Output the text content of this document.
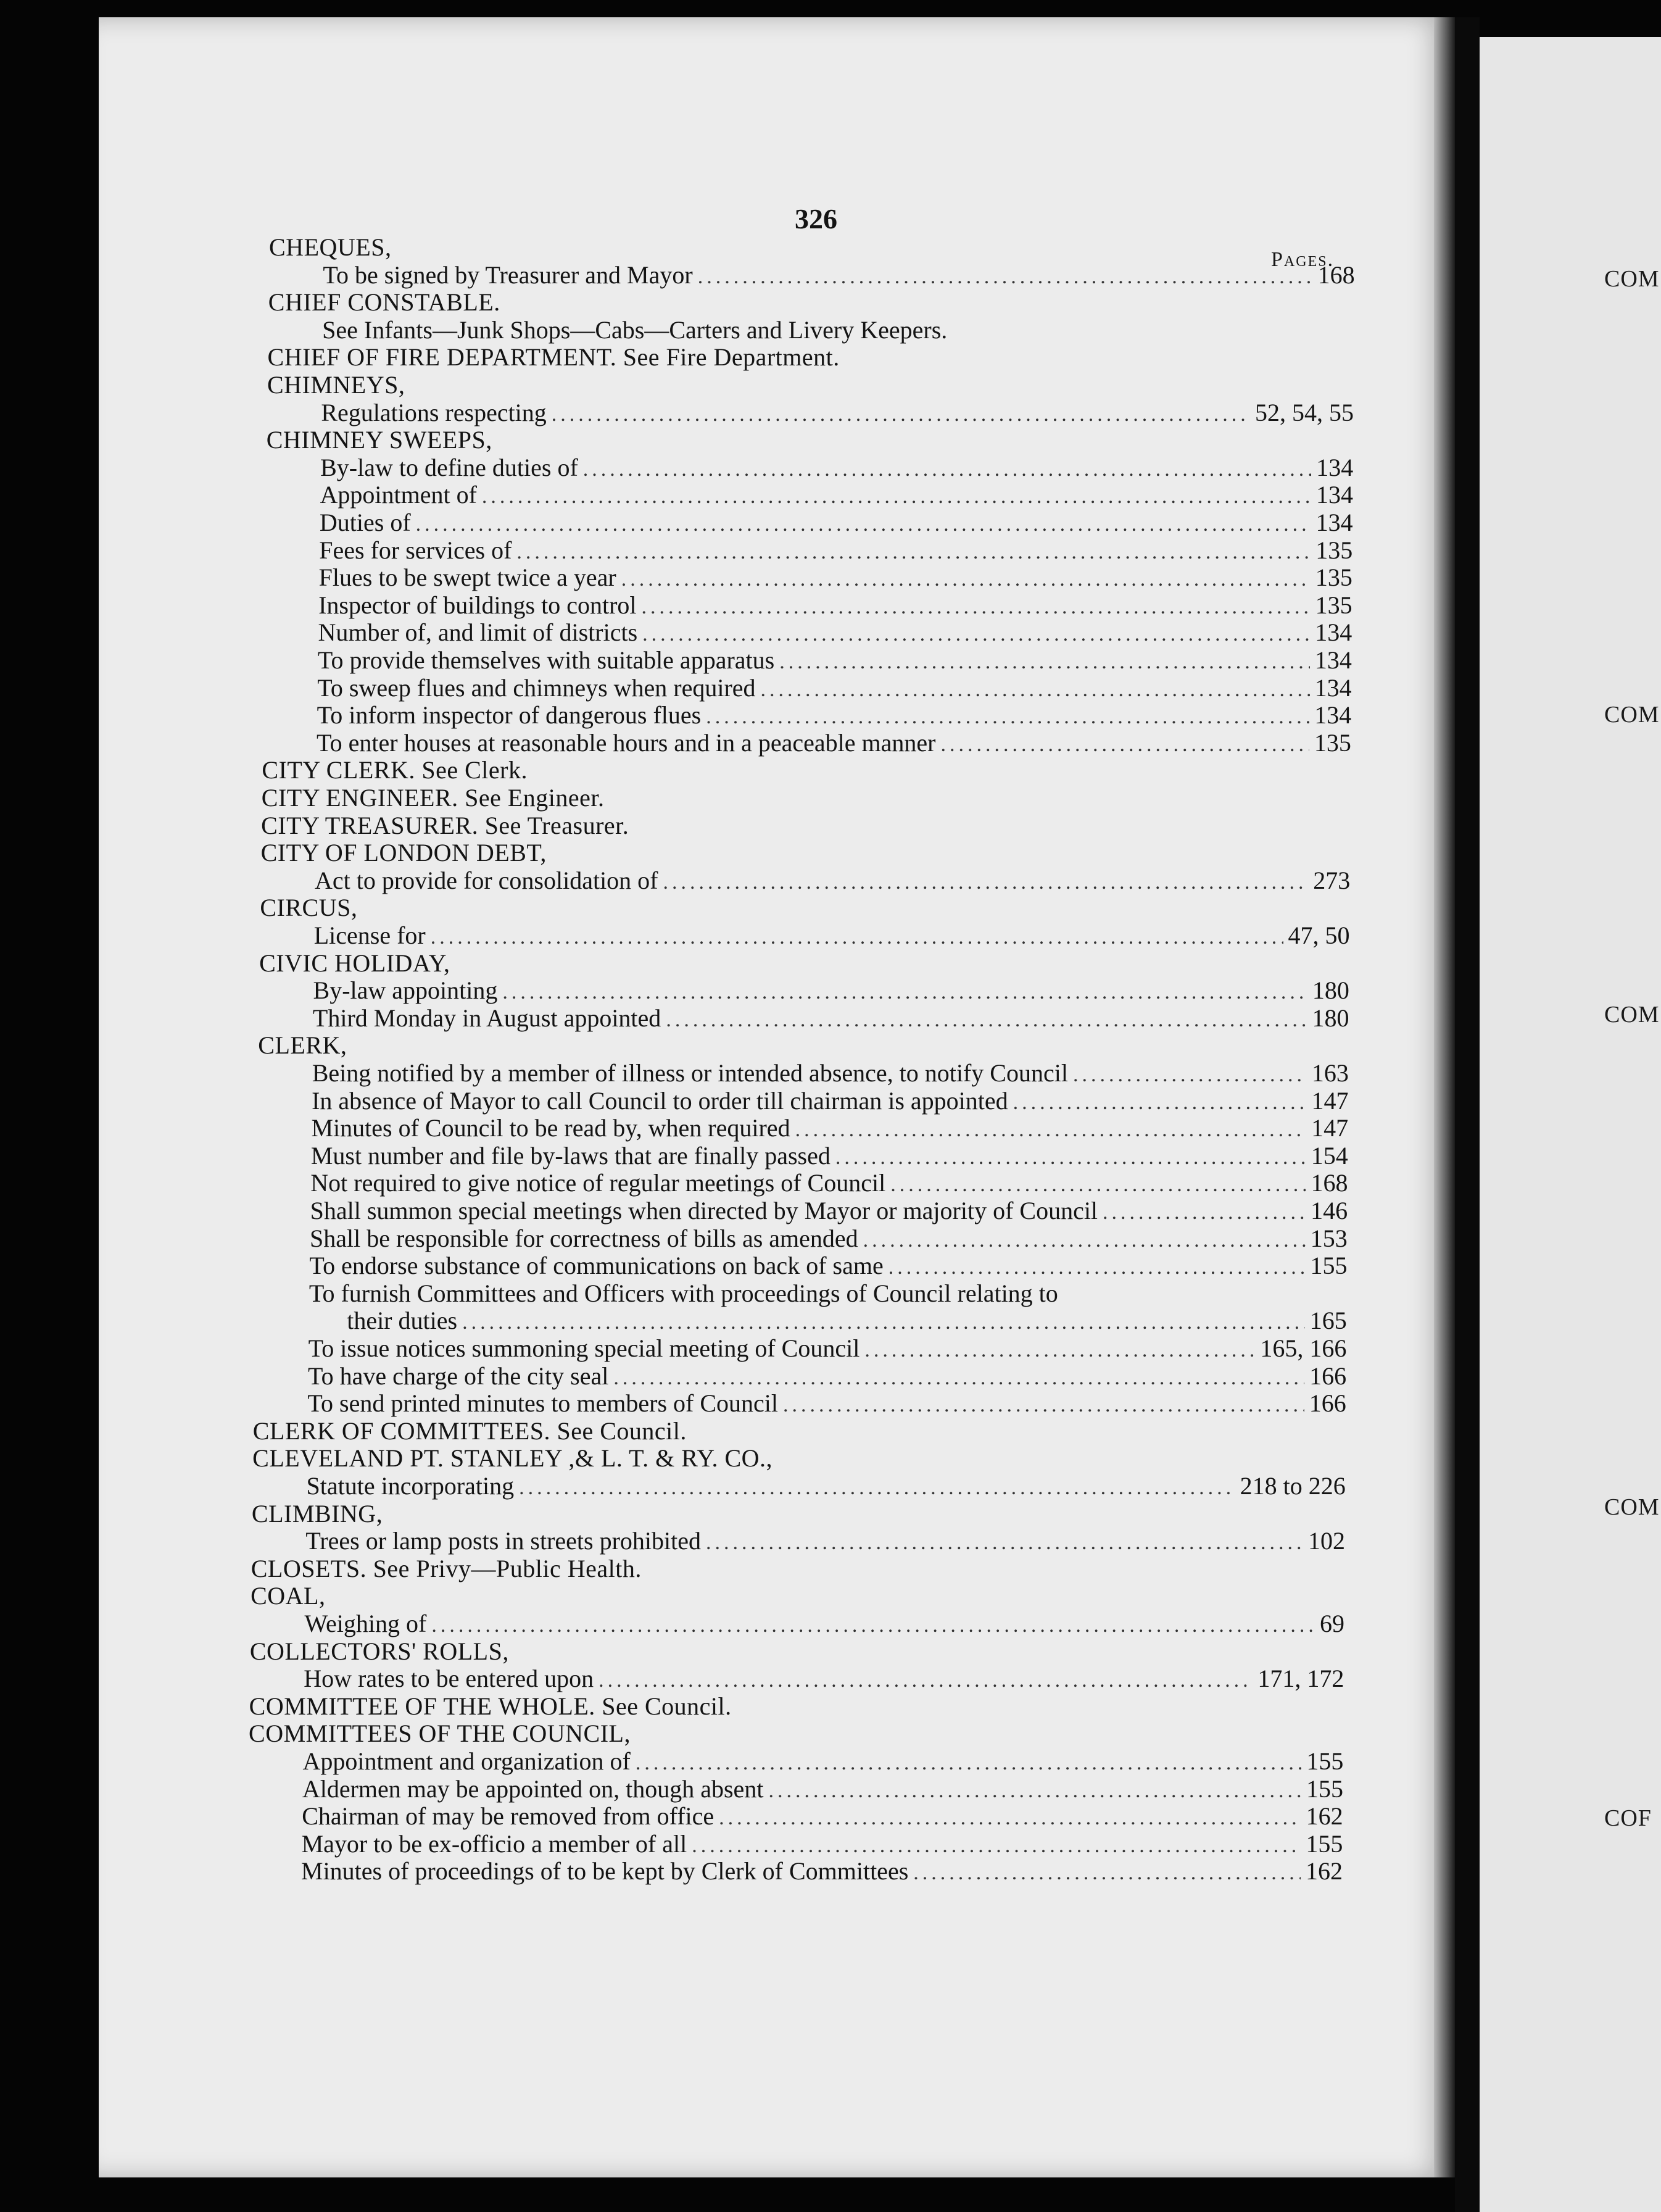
326
Pages.
CHEQUES,
To be signed by Treasurer and Mayor .....	168
CHIEF CONSTABLE.
See Infants—Junk Shops—Cabs—Carters and Livery Keepers.
CHIEF OF FIRE DEPARTMENT. See Fire Department.
CHIMNEYS,
Regulations respecting .....	52, 54, 55
CHIMNEY SWEEPS,
By-law to define duties of .....	134
Appointment of .....	134
Duties of .....	134
Fees for services of .....	135
Flues to be swept twice a year .....	135
Inspector of buildings to control .....	135
Number of, and limit of districts .....	134
To provide themselves with suitable apparatus .....	134
To sweep flues and chimneys when required .....	134
To inform inspector of dangerous flues .....	134
To enter houses at reasonable hours and in a peaceable manner .....	135
CITY CLERK. See Clerk.
CITY ENGINEER. See Engineer.
CITY TREASURER. See Treasurer.
CITY OF LONDON DEBT,
Act to provide for consolidation of .....	273
CIRCUS,
License for .....	47, 50
CIVIC HOLIDAY,
By-law appointing .....	180
Third Monday in August appointed .....	180
CLERK,
Being notified by a member of illness or intended absence, to notify Council .....	163
In absence of Mayor to call Council to order till chairman is appointed .....	147
Minutes of Council to be read by, when required .....	147
Must number and file by-laws that are finally passed .....	154
Not required to give notice of regular meetings of Council .....	168
Shall summon special meetings when directed by Mayor or majority of Council .....	146
Shall be responsible for correctness of bills as amended .....	153
To endorse substance of communications on back of same .....	155
To furnish Committees and Officers with proceedings of Council relating to
their duties .....	165
To issue notices summoning special meeting of Council .....	165, 166
To have charge of the city seal .....	166
To send printed minutes to members of Council .....	166
CLERK OF COMMITTEES. See Council.
CLEVELAND PT. STANLEY ,& L. T. & RY. CO.,
Statute incorporating .....	218 to 226
CLIMBING,
Trees or lamp posts in streets prohibited .....	102
CLOSETS. See Privy—Public Health.
COAL,
Weighing of .....	69
COLLECTORS' ROLLS,
How rates to be entered upon .....	171, 172
COMMITTEE OF THE WHOLE. See Council.
COMMITTEES OF THE COUNCIL,
Appointment and organization of .....	155
Aldermen may be appointed on, though absent .....	155
Chairman of may be removed from office .....	162
Mayor to be ex-officio a member of all .....	155
Minutes of proceedings of to be kept by Clerk of Committees .....	162
COM
COM
COM
COM
COF
